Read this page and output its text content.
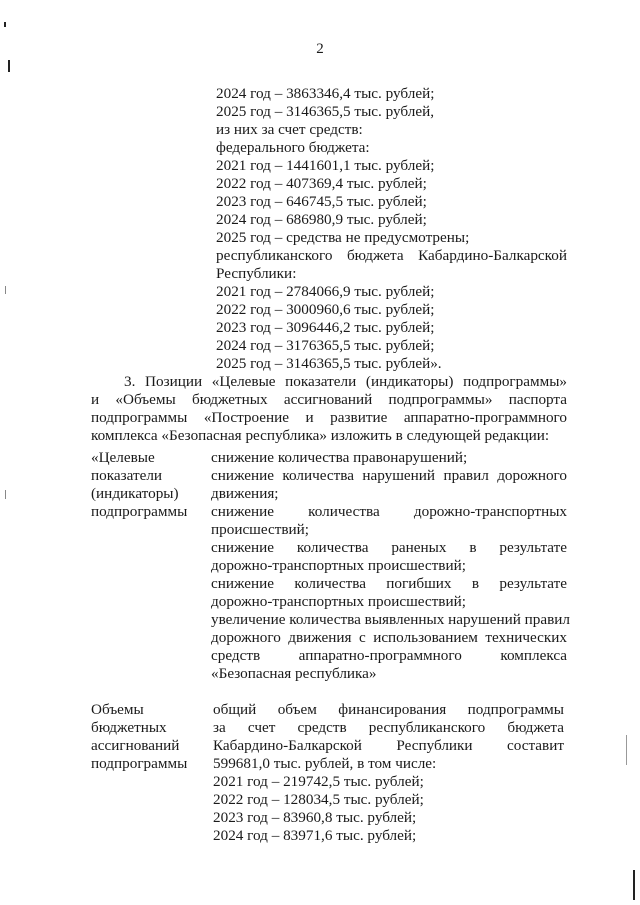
2
2024 год – 3863346,4 тыс. рублей;
2025 год – 3146365,5 тыс. рублей,
из них за счет средств:
федерального бюджета:
2021 год – 1441601,1 тыс. рублей;
2022 год – 407369,4 тыс. рублей;
2023 год – 646745,5 тыс. рублей;
2024 год – 686980,9 тыс. рублей;
2025 год – средства не предусмотрены;
республиканского бюджета Кабардино-Балкарской
Республики:
2021 год – 2784066,9 тыс. рублей;
2022 год – 3000960,6 тыс. рублей;
2023 год – 3096446,2 тыс. рублей;
2024 год – 3176365,5 тыс. рублей;
2025 год – 3146365,5 тыс. рублей».
3. Позиции «Целевые показатели (индикаторы) подпрограммы»
и «Объемы бюджетных ассигнований подпрограммы» паспорта
подпрограммы «Построение и развитие аппаратно-программного
комплекса «Безопасная республика» изложить в следующей редакции:
«Целевые
показатели
(индикаторы)
подпрограммы
снижение количества правонарушений;
снижение количества нарушений правил дорожного
движения;
снижение количества дорожно-транспортных
происшествий;
снижение количества раненых в результате
дорожно-транспортных происшествий;
снижение количества погибших в результате
дорожно-транспортных происшествий;
увеличение количества выявленных нарушений правил
дорожного движения с использованием технических
средств аппаратно-программного комплекса
«Безопасная республика»
Объемы
бюджетных
ассигнований
подпрограммы
общий объем финансирования подпрограммы
за счет средств республиканского бюджета
Кабардино-Балкарской Республики составит
599681,0 тыс. рублей, в том числе:
2021 год – 219742,5 тыс. рублей;
2022 год – 128034,5 тыс. рублей;
2023 год – 83960,8 тыс. рублей;
2024 год – 83971,6 тыс. рублей;
